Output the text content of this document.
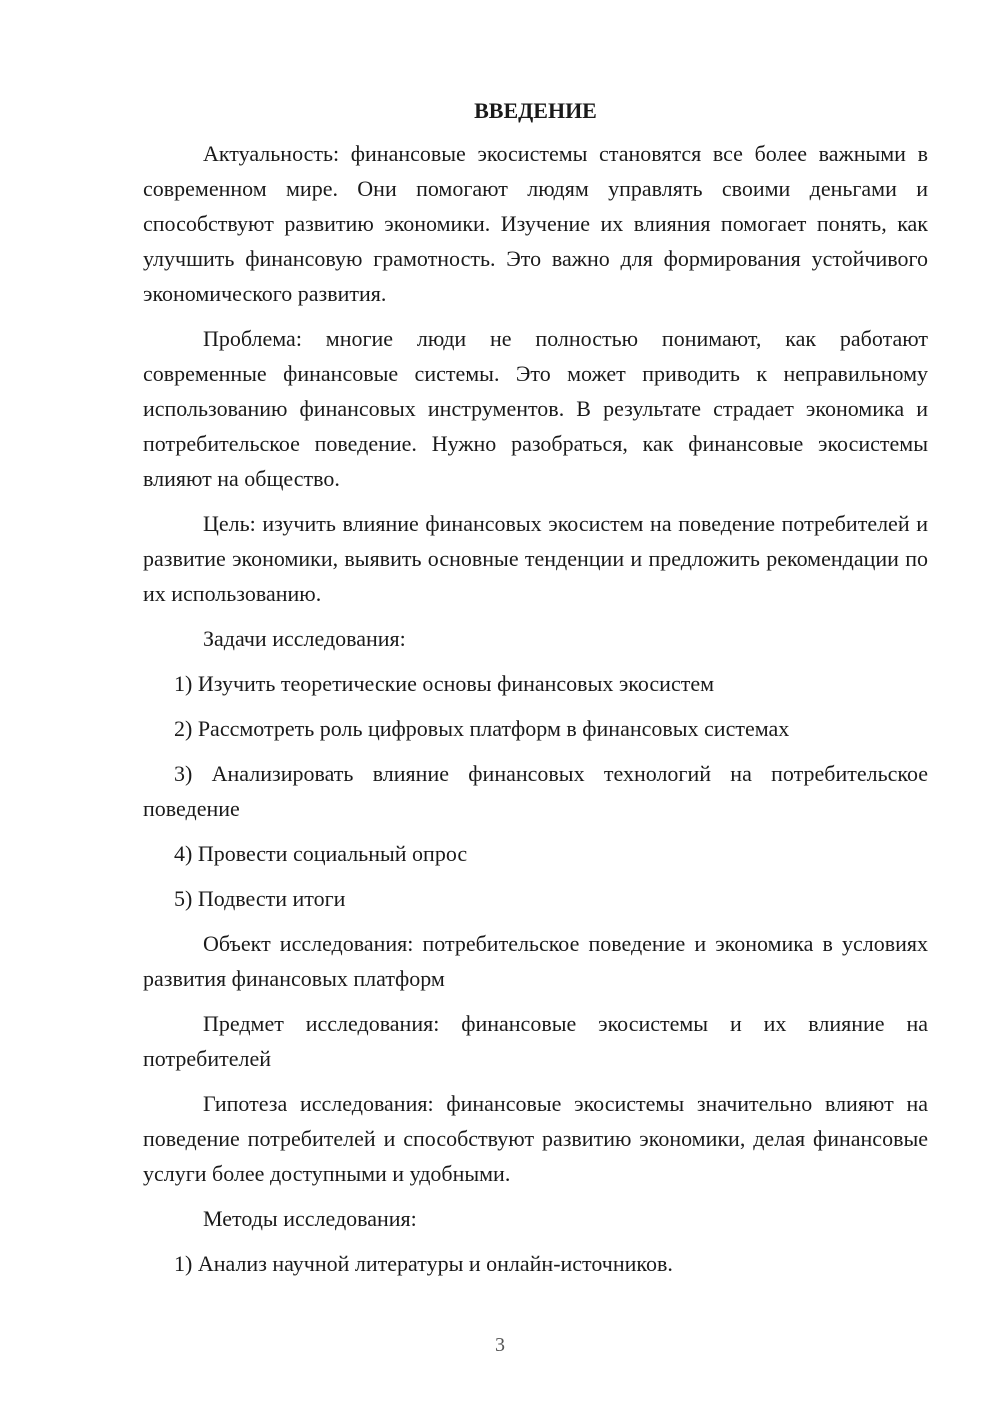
ВВЕДЕНИЕ

Актуальность: финансовые экосистемы становятся все более важными в современном мире. Они помогают людям управлять своими деньгами и способствуют развитию экономики. Изучение их влияния помогает понять, как улучшить финансовую грамотность. Это важно для формирования устойчивого экономического развития.

Проблема: многие люди не полностью понимают, как работают современные финансовые системы. Это может приводить к неправильному использованию финансовых инструментов. В результате страдает экономика и потребительское поведение. Нужно разобраться, как финансовые экосистемы влияют на общество.

Цель: изучить влияние финансовых экосистем на поведение потребителей и развитие экономики, выявить основные тенденции и предложить рекомендации по их использованию.

Задачи исследования:

1) Изучить теоретические основы финансовых экосистем

2) Рассмотреть роль цифровых платформ в финансовых системах

3) Анализировать влияние финансовых технологий на потребительское поведение

4) Провести социальный опрос

5) Подвести итоги

Объект исследования: потребительское поведение и экономика в условиях развития финансовых платформ

Предмет исследования: финансовые экосистемы и их влияние на потребителей

Гипотеза исследования: финансовые экосистемы значительно влияют на поведение потребителей и способствуют развитию экономики, делая финансовые услуги более доступными и удобными.

Методы исследования:

1) Анализ научной литературы и онлайн-источников.

3
